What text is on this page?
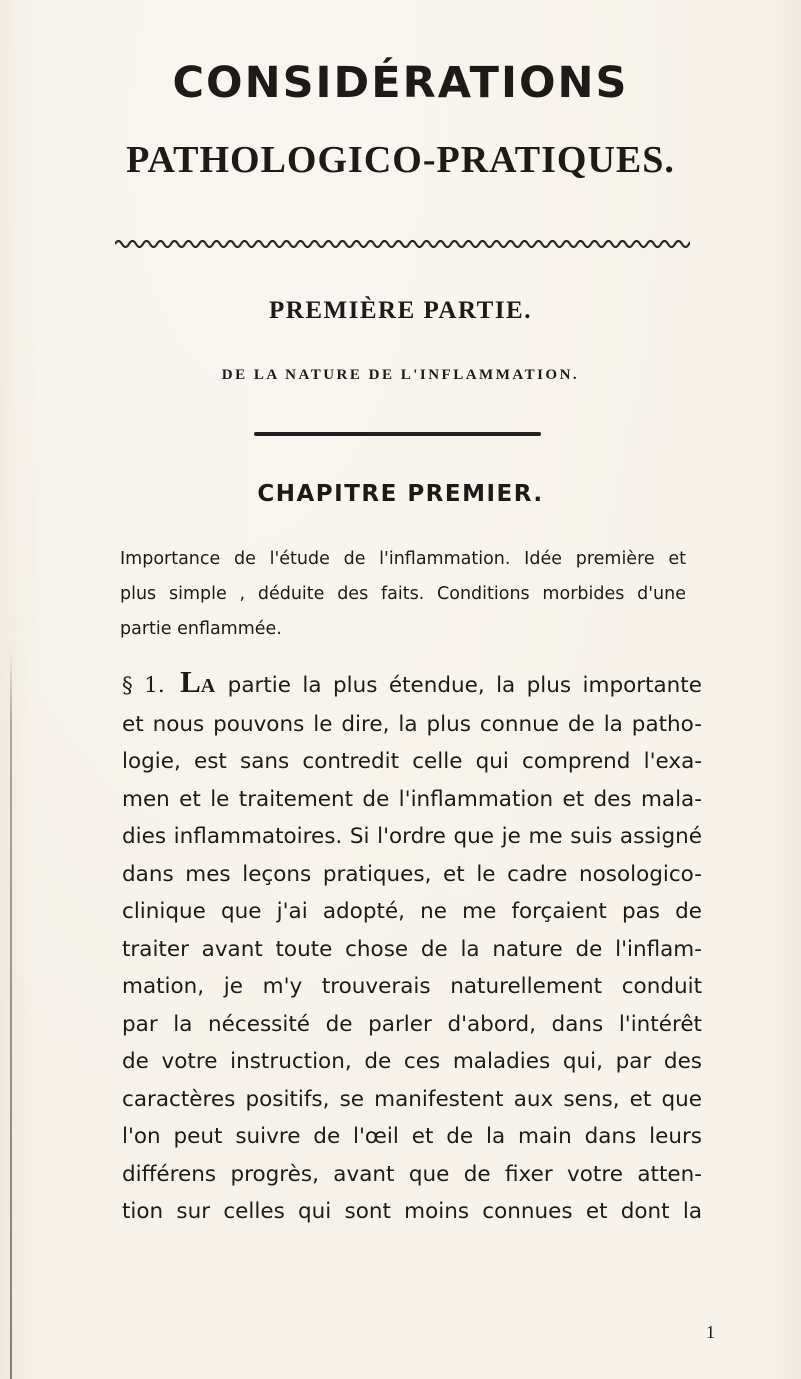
CONSIDÉRATIONS
PATHOLOGICO-PRATIQUES.
PREMIÈRE PARTIE.
DE LA NATURE DE L'INFLAMMATION.
CHAPITRE PREMIER.

Importance de l'étude de l'inflammation. Idée première et
plus simple , déduite des faits. Conditions morbides d'une
partie enflammée.

§ 1. LA partie la plus étendue, la plus importante
et nous pouvons le dire, la plus connue de la patho-
logie, est sans contredit celle qui comprend l'exa-
men et le traitement de l'inflammation et des mala-
dies inflammatoires. Si l'ordre que je me suis assigné
dans mes leçons pratiques, et le cadre nosologico-
clinique que j'ai adopté, ne me forçaient pas de
traiter avant toute chose de la nature de l'inflam-
mation, je m'y trouverais naturellement conduit
par la nécessité de parler d'abord, dans l'intérêt
de votre instruction, de ces maladies qui, par des
caractères positifs, se manifestent aux sens, et que
l'on peut suivre de l'œil et de la main dans leurs
différens progrès, avant que de fixer votre atten-
tion sur celles qui sont moins connues et dont la
1
